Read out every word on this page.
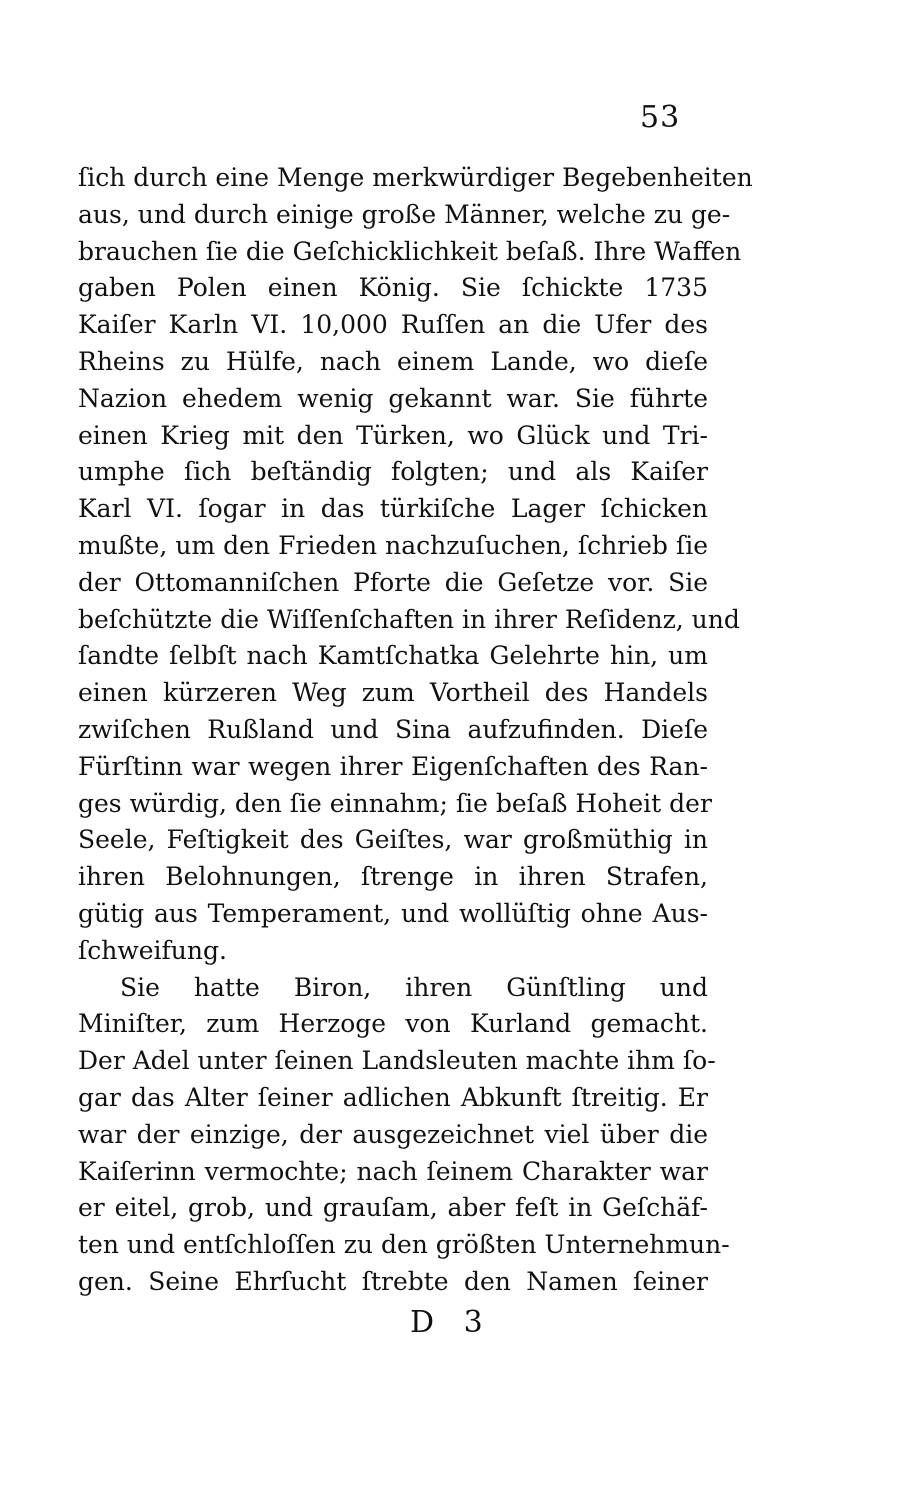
53
ſich durch eine Menge merkwürdiger Begebenheiten
aus, und durch einige große Männer, welche zu ge-
brauchen ſie die Geſchicklichkeit beſaß. Ihre Waffen
gaben Polen einen König. Sie ſchickte 1735
Kaiſer Karln VI. 10,000 Ruſſen an die Ufer des
Rheins zu Hülfe, nach einem Lande, wo dieſe
Nazion ehedem wenig gekannt war. Sie führte
einen Krieg mit den Türken, wo Glück und Tri-
umphe ſich beſtändig folgten; und als Kaiſer
Karl VI. ſogar in das türkiſche Lager ſchicken
mußte, um den Frieden nachzuſuchen, ſchrieb ſie
der Ottomanniſchen Pforte die Geſetze vor. Sie
beſchützte die Wiſſenſchaften in ihrer Reſidenz, und
ſandte ſelbſt nach Kamtſchatka Gelehrte hin, um
einen kürzeren Weg zum Vortheil des Handels
zwiſchen Rußland und Sina aufzufinden. Dieſe
Fürſtinn war wegen ihrer Eigenſchaften des Ran-
ges würdig, den ſie einnahm; ſie beſaß Hoheit der
Seele, Feſtigkeit des Geiſtes, war großmüthig in
ihren Belohnungen, ſtrenge in ihren Strafen,
gütig aus Temperament, und wollüſtig ohne Aus-
ſchweifung.
Sie hatte Biron, ihren Günſtling und
Miniſter, zum Herzoge von Kurland gemacht.
Der Adel unter ſeinen Landsleuten machte ihm ſo-
gar das Alter ſeiner adlichen Abkunft ſtreitig. Er
war der einzige, der ausgezeichnet viel über die
Kaiſerinn vermochte; nach ſeinem Charakter war
er eitel, grob, und grauſam, aber feſt in Geſchäf-
ten und entſchloſſen zu den größten Unternehmun-
gen. Seine Ehrſucht ſtrebte den Namen ſeiner
D 3
